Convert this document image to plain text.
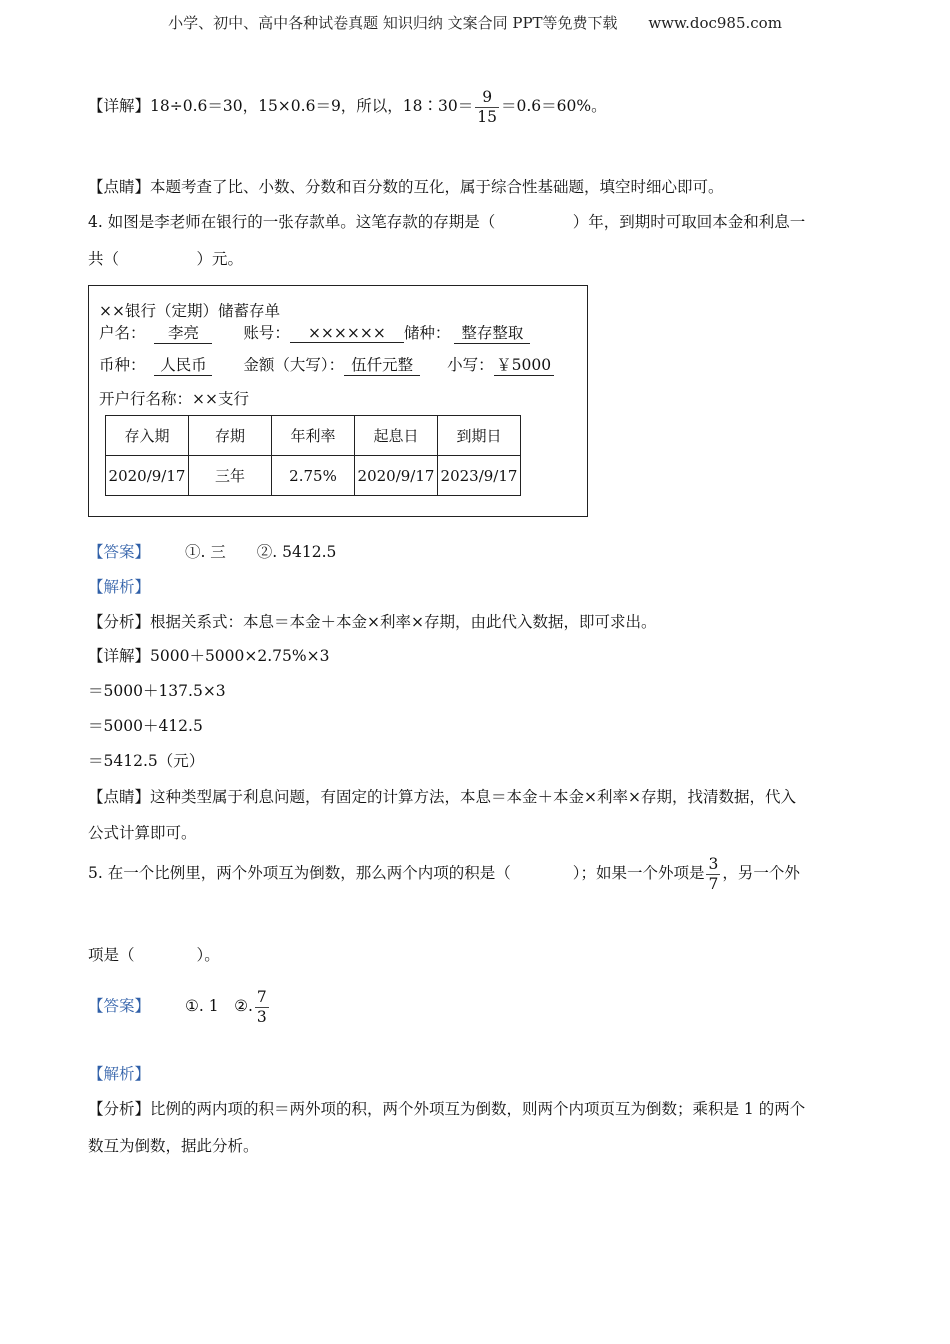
小学、初中、高中各种试卷真题 知识归纳 文案合同 PPT等免费下载 www.doc985.com
【详解】18÷0.6＝30，15×0.6＝9，所以，18∶30＝ $\frac{9}{15} =0.6=60\%$。
【点睛】本题考查了比、小数、分数和百分数的互化，属于综合性基础题，填空时细心即可。
4. 如图是李老师在银行的一张存款单。这笔存款的存期是（　　　　　）年，到期时可取回本金和利息一
共（　　　　　）元。
××银行（定期）储蓄存单
户名： 李亮	账号： ×××××× 储种： 整存整取
币种： 人民币 金额（大写）： 伍仟元整 小写： ￥5000
开户行名称：××支行
存入期	存期	年利率	起息日	到期日
2020/9/17	三年	2.75%	2020/9/17	2023/9/17
【答案】 ①. 三　　②. 5412.5
【解析】
【分析】根据关系式：本息＝本金＋本金×利率×存期，由此代入数据，即可求出。
【详解】5000＋5000×2.75%×3
＝5000＋137.5×3
＝5000＋412.5
＝5412.5（元）
【点睛】这种类型属于利息问题，有固定的计算方法，本息＝本金＋本金×利率×存期，找清数据，代入
公式计算即可。
5. 在一个比例里，两个外项互为倒数，那么两个内项的积是（　　　　）；如果一个外项是 $\frac{3}{7}$ ，另一个外
项是（　　　　）。
【答案】 ①. 1　②. $\frac{7}{3}$
【解析】
【分析】比例的两内项的积＝两外项的积，两个外项互为倒数，则两个内项页互为倒数；乘积是 1 的两个
数互为倒数，据此分析。
